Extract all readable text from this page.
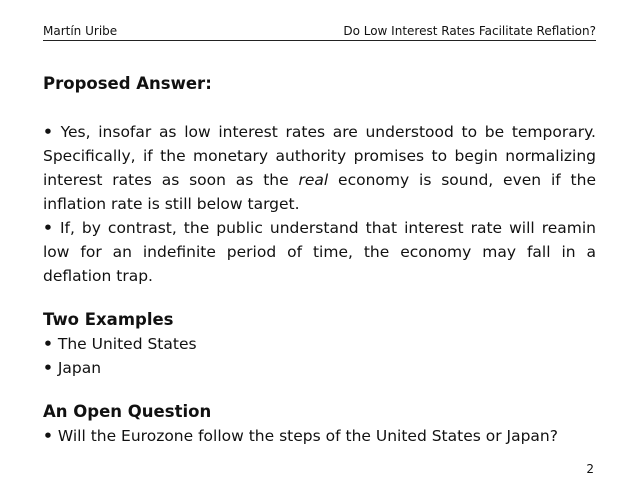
Martín Uribe	Do Low Interest Rates Facilitate Reflation?
Proposed Answer:
• Yes, insofar as low interest rates are understood to be temporary. Specifically, if the monetary authority promises to begin normalizing interest rates as soon as the real economy is sound, even if the inflation rate is still below target.
• If, by contrast, the public understand that interest rate will reamin low for an indefinite period of time, the economy may fall in a deflation trap.
Two Examples
• The United States
• Japan
An Open Question
• Will the Eurozone follow the steps of the United States or Japan?
2
